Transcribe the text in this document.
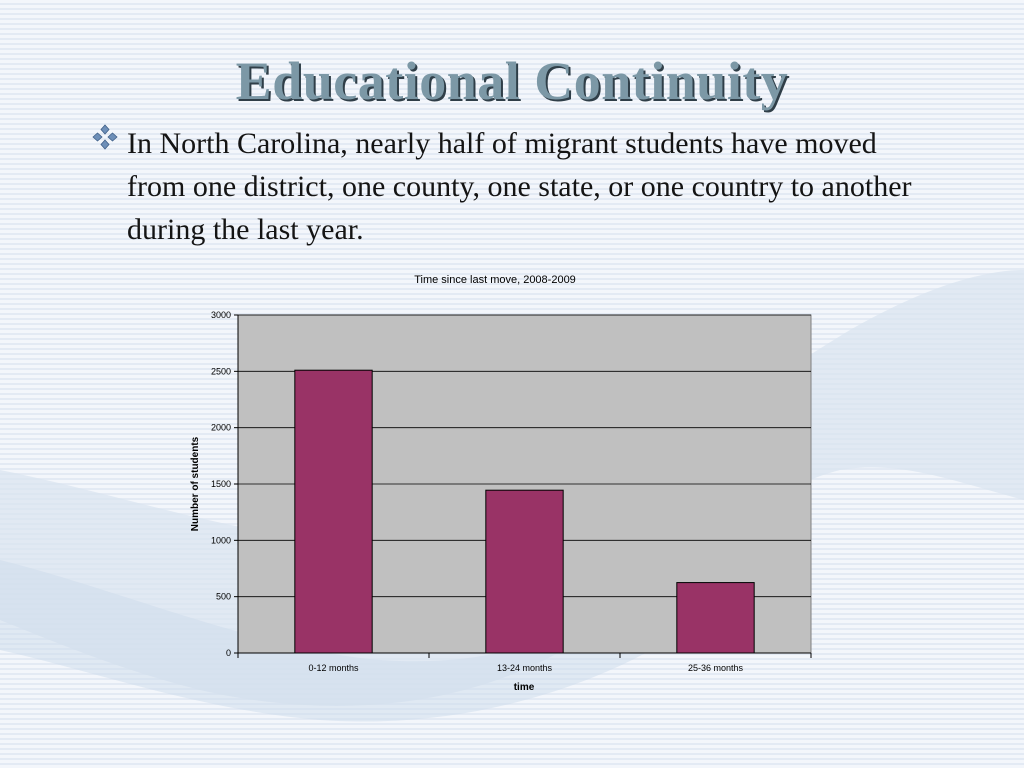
Educational Continuity
In North Carolina, nearly half of migrant students have moved from one district, one county, one state, or one country to another during the last year.
Time since last move, 2008-2009
0
500
1000
1500
2000
2500
3000
0-12 months	13-24 months	25-36 months
time
Number of students
